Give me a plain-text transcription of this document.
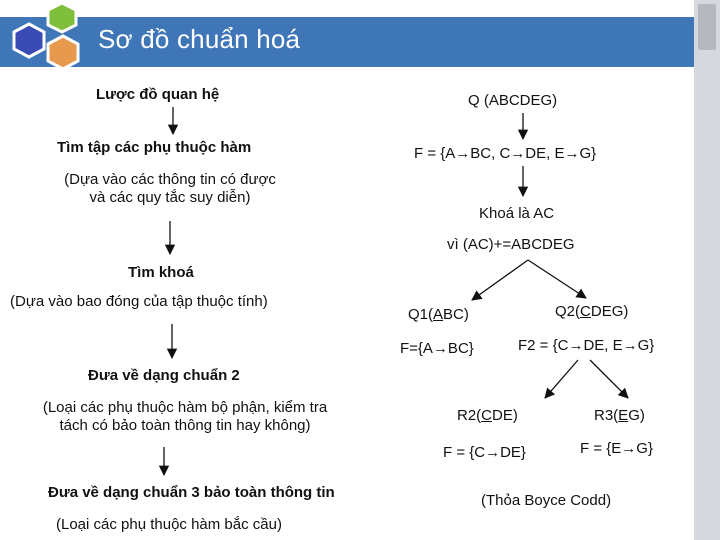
Sơ đồ chuẩn hoá
Lược đồ quan hệ
Tìm tập các phụ thuộc hàm
(Dựa vào các thông tin có được
và các quy tắc suy diễn)
Tìm khoá
(Dựa vào bao đóng của tập thuộc tính)
Đưa về dạng chuẩn 2
(Loại các phụ thuộc hàm bộ phận, kiểm tra
tách có bảo toàn thông tin hay không)
Đưa về dạng chuẩn 3 bảo toàn thông tin
(Loại các phụ thuộc hàm bắc cầu)
Q (ABCDEG)
F = {A→BC, C→DE, E→G}
Khoá là AC
vì (AC)+=ABCDEG
Q1(ABC)	Q2(CDEG)
F={A→BC}	F2 = {C→DE, E→G}
R2(CDE)	R3(EG)
F = {C→DE}	F = {E→G}
(Thỏa Boyce Codd)
